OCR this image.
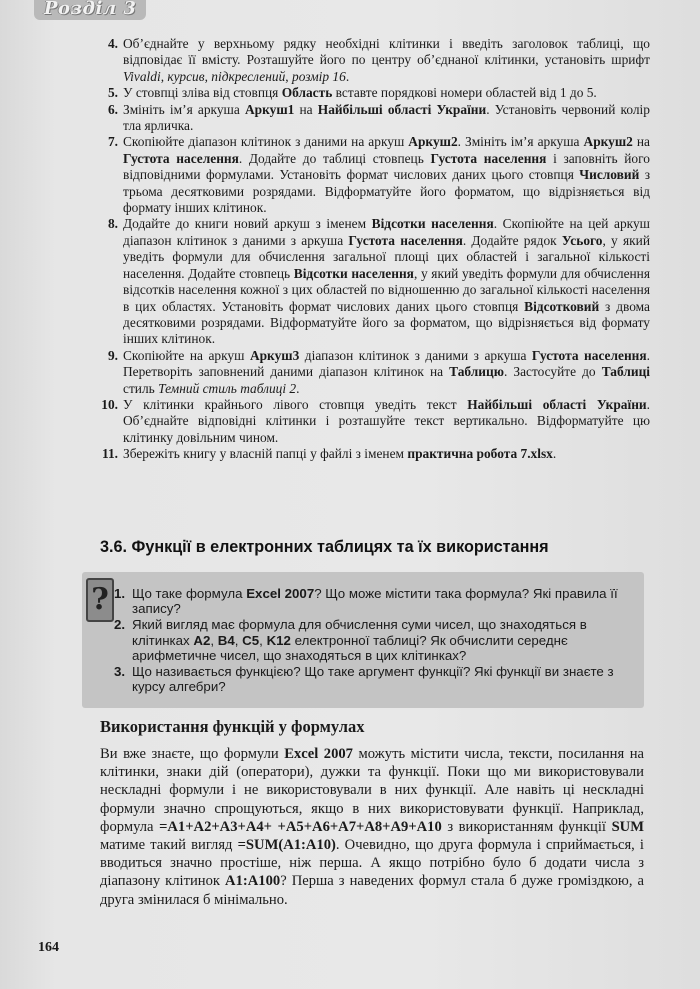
Розділ 3
4. Об’єднайте у верхньому рядку необхідні клітинки і введіть заголовок таблиці, що відповідає її вмісту. Розташуйте його по центру об’єднаної клітинки, установіть шрифт Vivaldi, курсив, підкреслений, розмір 16.
5. У стовпці зліва від стовпця Область вставте порядкові номери областей від 1 до 5.
6. Змініть ім’я аркуша Аркуш1 на Найбільші області України. Установіть червоний колір тла ярличка.
7. Скопіюйте діапазон клітинок з даними на аркуш Аркуш2. Змініть ім’я аркуша Аркуш2 на Густота населення. Додайте до таблиці стовпець Густота населення і заповніть його відповідними формулами. Установіть формат числових даних цього стовпця Числовий з трьома десятковими розрядами. Відформатуйте його форматом, що відрізняється від формату інших клітинок.
8. Додайте до книги новий аркуш з іменем Відсотки населення. Скопіюйте на цей аркуш діапазон клітинок з даними з аркуша Густота населення. Додайте рядок Усього, у який уведіть формули для обчислення загальної площі цих областей і загальної кількості населення. Додайте стовпець Відсотки населення, у який уведіть формули для обчислення відсотків населення кожної з цих областей по відношенню до загальної кількості населення в цих областях. Установіть формат числових даних цього стовпця Відсотковий з двома десятковими розрядами. Відформатуйте його за форматом, що відрізняється від формату інших клітинок.
9. Скопіюйте на аркуш Аркуш3 діапазон клітинок з даними з аркуша Густота населення. Перетворіть заповнений даними діапазон клітинок на Таблицю. Застосуйте до Таблиці стиль Темний стиль таблиці 2.
10. У клітинки крайнього лівого стовпця уведіть текст Найбільші області України. Об’єднайте відповідні клітинки і розташуйте текст вертикально. Відформатуйте цю клітинку довільним чином.
11. Збережіть книгу у власній папці у файлі з іменем практична робота 7.xlsx.
3.6. Функції в електронних таблицях та їх використання
? 1. Що таке формула Excel 2007? Що може містити така формула? Які правила її запису?
2. Який вигляд має формула для обчислення суми чисел, що знаходяться в клітинках A2, B4, C5, K12 електронної таблиці? Як обчислити середнє арифметичне чисел, що знаходяться в цих клітинках?
3. Що називається функцією? Що таке аргумент функції? Які функції ви знаєте з курсу алгебри?
Використання функцій у формулах
Ви вже знаєте, що формули Excel 2007 можуть містити числа, тексти, посилання на клітинки, знаки дій (оператори), дужки та функції. Поки що ми використовували нескладні формули і не використовували в них функції. Але навіть ці нескладні формули значно спрощуються, якщо в них використовувати функції. Наприклад, формула =A1+A2+A3+A4+ +A5+A6+A7+A8+A9+A10 з використанням функції SUM матиме такий вигляд =SUM(A1:A10). Очевидно, що друга формула і сприймається, і вводиться значно простіше, ніж перша. А якщо потрібно було б додати числа з діапазону клітинок A1:A100? Перша з наведених формул стала б дуже громіздкою, а друга змінилася б мінімально.
164
